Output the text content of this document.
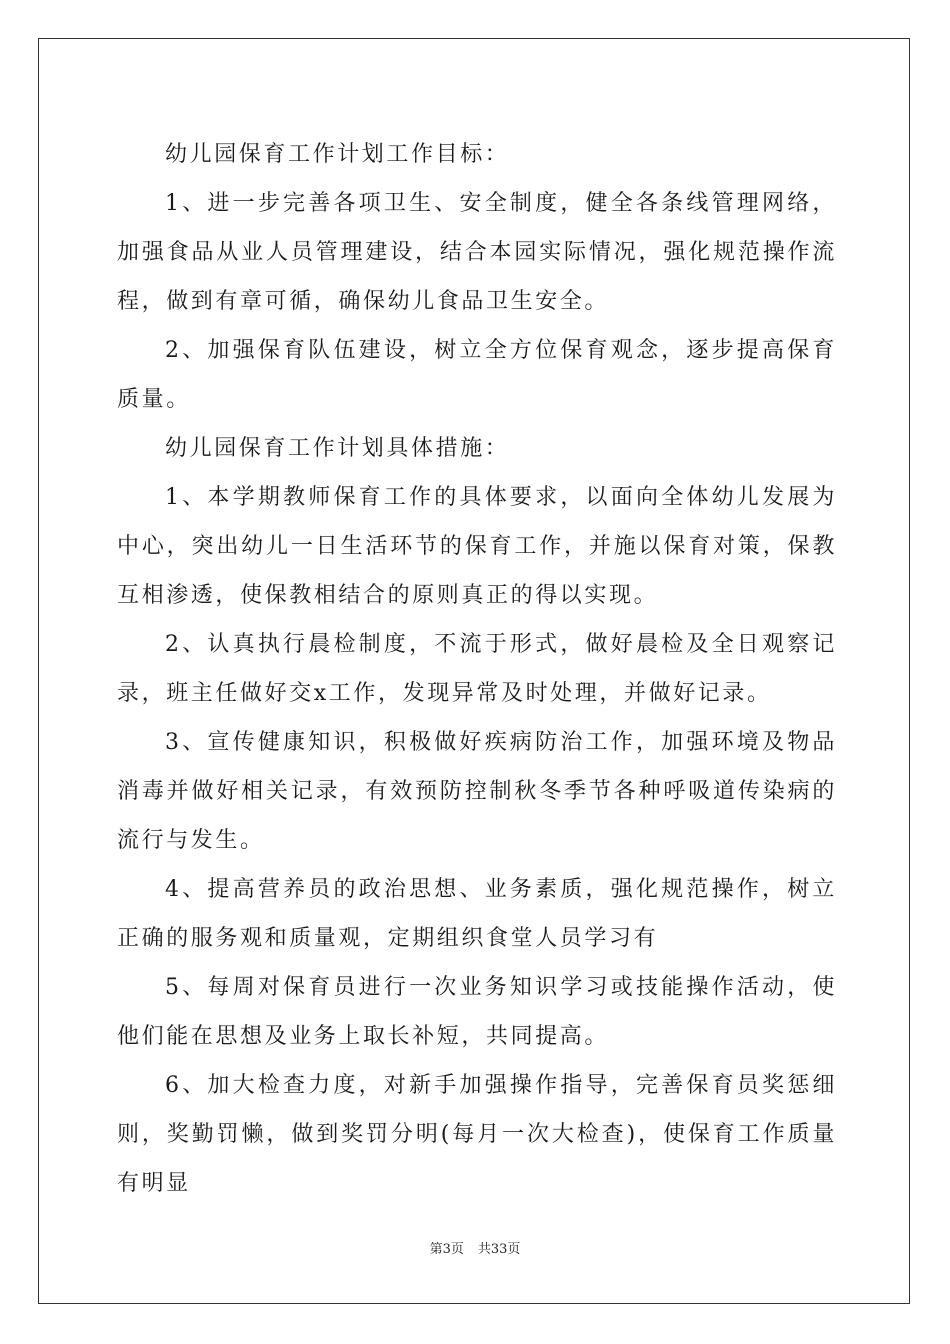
幼儿园保育工作计划工作目标：

1、进一步完善各项卫生、安全制度，健全各条线管理网络，加强食品从业人员管理建设，结合本园实际情况，强化规范操作流程，做到有章可循，确保幼儿食品卫生安全。

2、加强保育队伍建设，树立全方位保育观念，逐步提高保育质量。

幼儿园保育工作计划具体措施：

1、本学期教师保育工作的具体要求，以面向全体幼儿发展为中心，突出幼儿一日生活环节的保育工作，并施以保育对策，保教互相渗透，使保教相结合的原则真正的得以实现。

2、认真执行晨检制度，不流于形式，做好晨检及全日观察记录，班主任做好交x工作，发现异常及时处理，并做好记录。

3、宣传健康知识，积极做好疾病防治工作，加强环境及物品消毒并做好相关记录，有效预防控制秋冬季节各种呼吸道传染病的流行与发生。

4、提高营养员的政治思想、业务素质，强化规范操作，树立正确的服务观和质量观，定期组织食堂人员学习有

5、每周对保育员进行一次业务知识学习或技能操作活动，使他们能在思想及业务上取长补短，共同提高。

6、加大检查力度，对新手加强操作指导，完善保育员奖惩细则，奖勤罚懒，做到奖罚分明(每月一次大检查)，使保育工作质量有明显

第3页 共33页
